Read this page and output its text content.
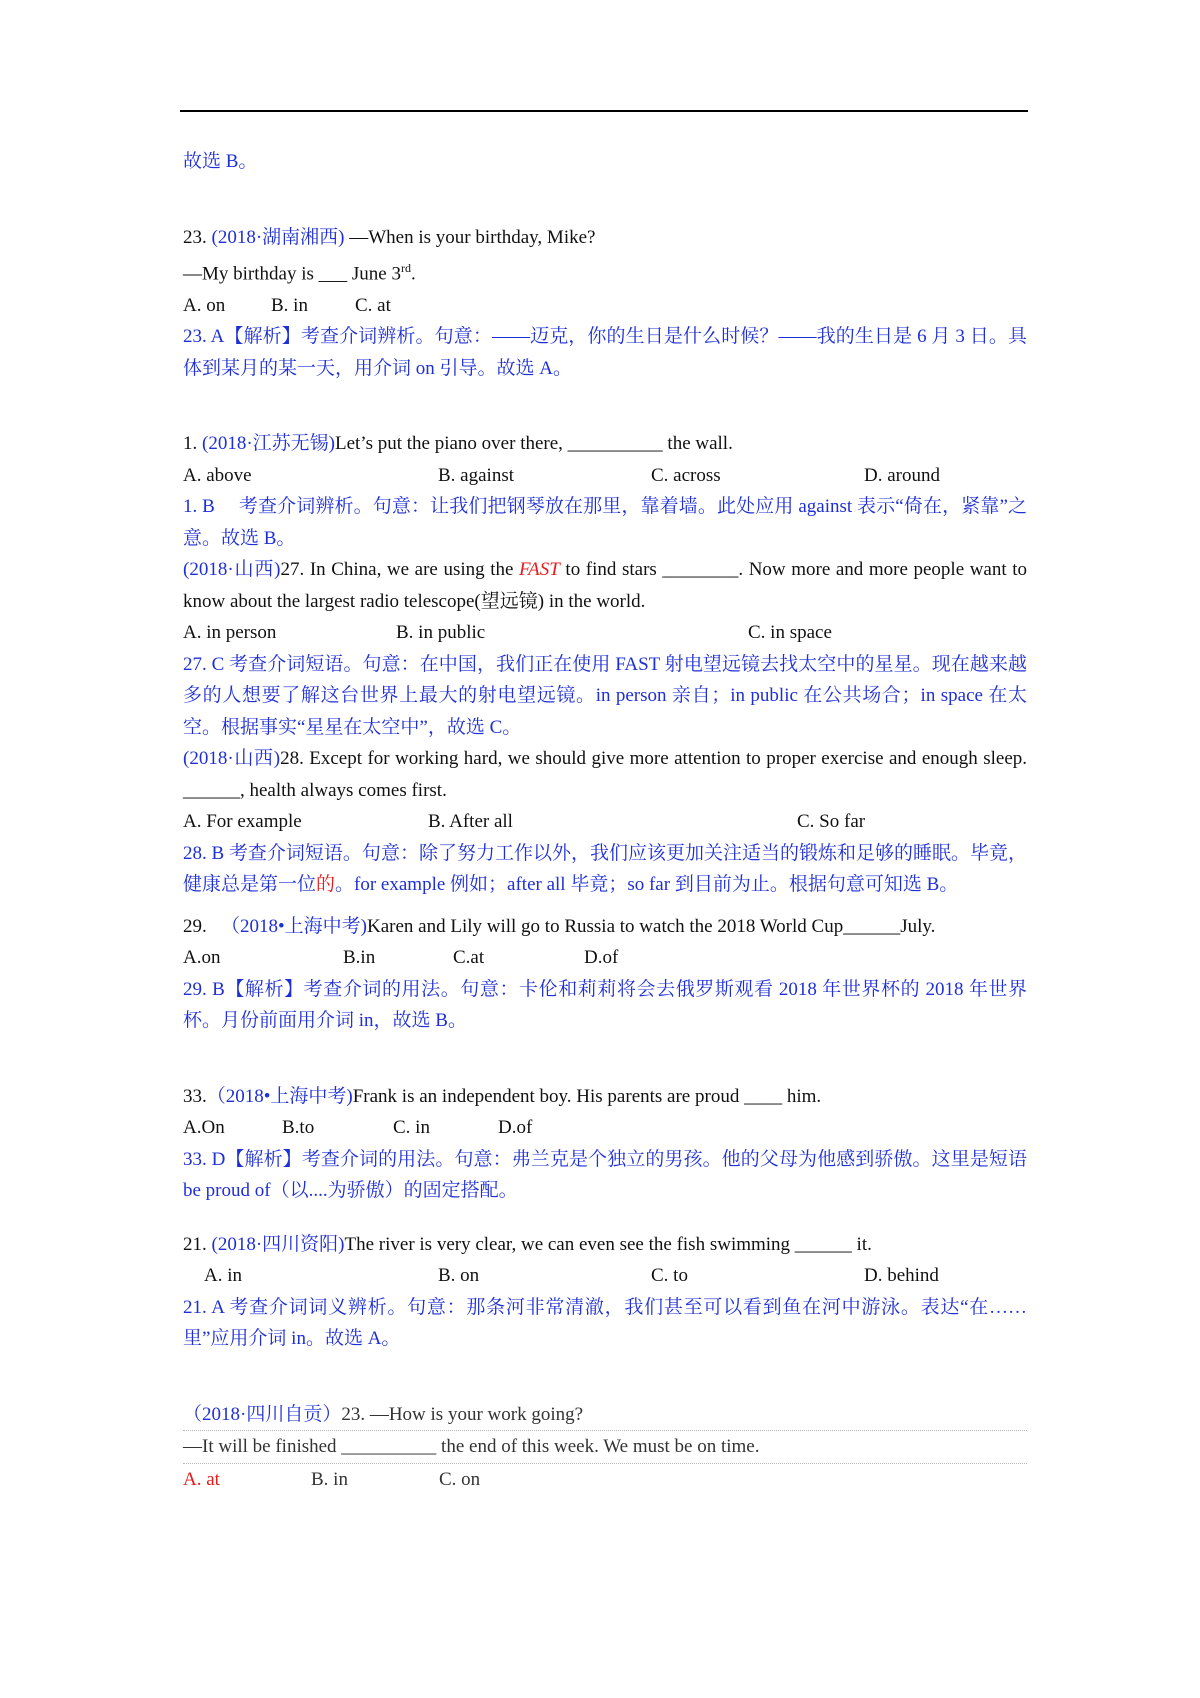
故选 B。
23. (2018·湖南湘西) —When is your birthday, Mike?
—My birthday is ___ June 3rd.
A. on	B. in	C. at
23. A【解析】考查介词辨析。句意：——迈克，你的生日是什么时候？——我的生日是 6 月 3 日。具体到某月的某一天，用介词 on 引导。故选 A。
1. (2018·江苏无锡)Let’s put the piano over there, __________ the wall.
A. above	B. against	C. across	D. around
1. B　 考查介词辨析。句意：让我们把钢琴放在那里，靠着墙。此处应用 against 表示“倚在，紧靠”之意。故选 B。
(2018·山西)27. In China, we are using the FAST to find stars ________. Now more and more people want to know about the largest radio telescope(望远镜) in the world.
A. in person	B. in public	C. in space
27. C 考查介词短语。句意：在中国，我们正在使用 FAST 射电望远镜去找太空中的星星。现在越来越多的人想要了解这台世界上最大的射电望远镜。in person 亲自；in public 在公共场合；in space 在太空。根据事实“星星在太空中”，故选 C。
(2018·山西)28. Except for working hard, we should give more attention to proper exercise and enough sleep. ______, health always comes first.
A. For example	B. After all	C. So far
28. B 考查介词短语。句意：除了努力工作以外，我们应该更加关注适当的锻炼和足够的睡眠。毕竟，健康总是第一位的。for example 例如；after all 毕竟；so far 到目前为止。根据句意可知选 B。
29. （2018•上海中考)Karen and Lily will go to Russia to watch the 2018 World Cup______July.
A.on	B.in	C.at	D.of
29. B【解析】考查介词的用法。句意：卡伦和莉莉将会去俄罗斯观看 2018 年世界杯的 2018 年世界杯。月份前面用介词 in，故选 B。
33.（2018•上海中考)Frank is an independent boy. His parents are proud ____ him.
A.On	B.to	C. in	D.of
33. D【解析】考查介词的用法。句意：弗兰克是个独立的男孩。他的父母为他感到骄傲。这里是短语 be proud of（以....为骄傲）的固定搭配。
21. (2018·四川资阳)The river is very clear, we can even see the fish swimming ______ it.
A. in	B. on	C. to	D. behind
21. A 考查介词词义辨析。句意：那条河非常清澈，我们甚至可以看到鱼在河中游泳。表达“在……里”应用介词 in。故选 A。
（2018·四川自贡）23. —How is your work going?
—It will be finished __________ the end of this week. We must be on time.
A. at	B. in	C. on
